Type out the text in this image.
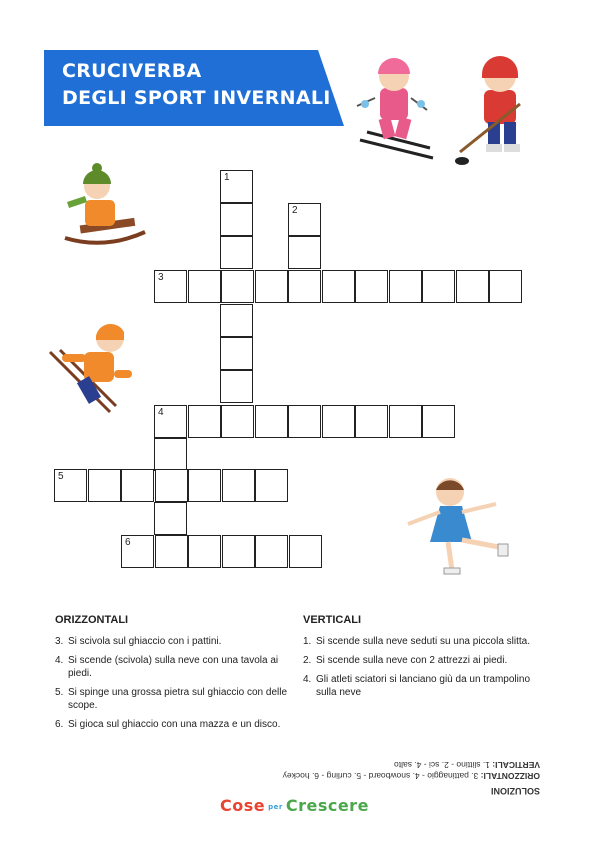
CRUCIVERBA
DEGLI SPORT INVERNALI
1
2
3
4
5
6
ORIZZONTALI
3. Si scivola sul ghiaccio con i pattini.
4. Si scende (scivola) sulla neve con una tavola ai piedi.
5. Si spinge una grossa pietra sul ghiaccio con delle scope.
6. Si gioca sul ghiaccio con una mazza e un disco.
VERTICALI
1. Si scende sulla neve seduti su una piccola slitta.
2. Si scende sulla neve con 2 attrezzi ai piedi.
4. Gli atleti sciatori si lanciano giù da un trampolino sulla neve
SOLUZIONI
ORIZZONTALI: 3. pattinaggio - 4. snowboard - 5. curling - 6. hockey
VERTICALI: 1. slittino - 2. sci - 4. salto
Cose per Crescere
